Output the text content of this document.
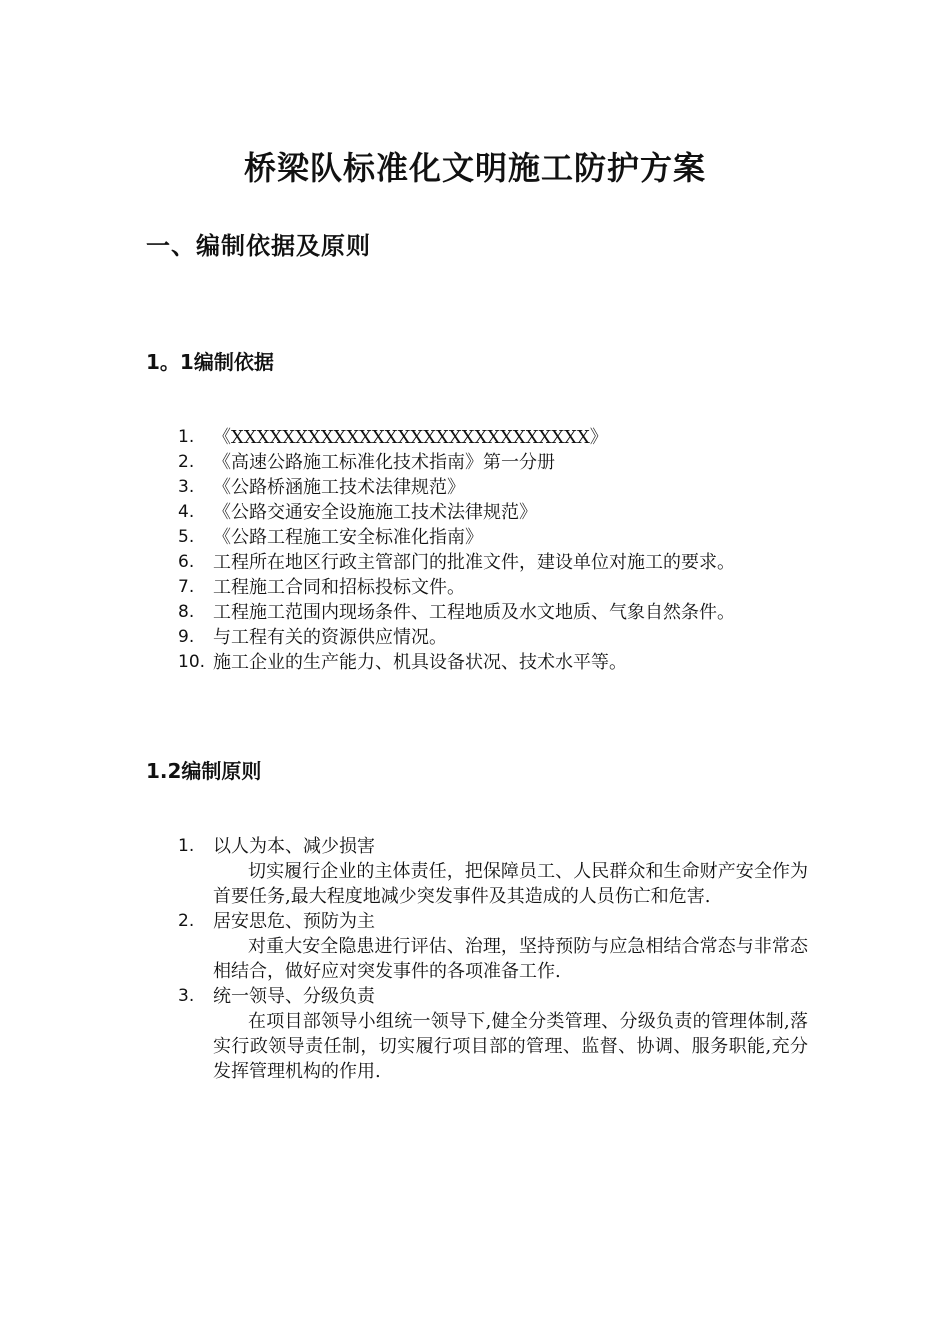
桥梁队标准化文明施工防护方案
一、编制依据及原则
1。1编制依据
1. 《XXXXXXXXXXXXXXXXXXXXXXXXXXXX》
2. 《高速公路施工标准化技术指南》第一分册
3. 《公路桥涵施工技术法律规范》
4. 《公路交通安全设施施工技术法律规范》
5. 《公路工程施工安全标准化指南》
6. 工程所在地区行政主管部门的批准文件，建设单位对施工的要求。
7. 工程施工合同和招标投标文件。
8. 工程施工范围内现场条件、工程地质及水文地质、气象自然条件。
9. 与工程有关的资源供应情况。
10. 施工企业的生产能力、机具设备状况、技术水平等。
1.2编制原则
1. 以人为本、减少损害
切实履行企业的主体责任，把保障员工、人民群众和生命财产安全作为首要任务,最大程度地减少突发事件及其造成的人员伤亡和危害.
2. 居安思危、预防为主
对重大安全隐患进行评估、治理，坚持预防与应急相结合常态与非常态相结合，做好应对突发事件的各项准备工作.
3. 统一领导、分级负责
在项目部领导小组统一领导下,健全分类管理、分级负责的管理体制,落实行政领导责任制，切实履行项目部的管理、监督、协调、服务职能,充分发挥管理机构的作用.
